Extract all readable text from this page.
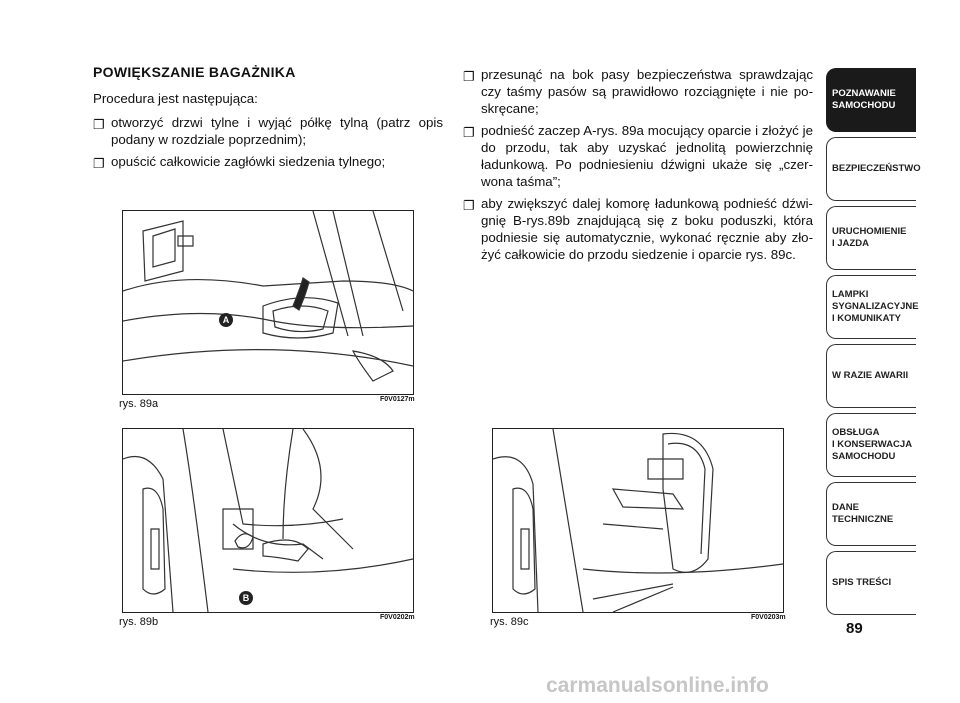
POWIĘKSZANIE BAGAŻNIKA
Procedura jest następująca:
❐ otworzyć drzwi tylne i wyjąć półkę tylną (patrz opis podany w rozdziale poprzednim);
❐ opuścić całkowicie zagłówki siedzenia tylnego;
❐ przesunąć na bok pasy bezpieczeństwa sprawdzając czy taśmy pasów są prawidłowo rozciągnięte i nie po-skręcane;
❐ podnieść zaczep A-rys. 89a mocujący oparcie i złożyć je do przodu, tak aby uzyskać jednolitą powierzchnię ładunkową. Po podniesieniu dźwigni ukaże się „czer-wona taśma”;
❐ aby zwiększyć dalej komorę ładunkową podnieść dźwi-gnię B-rys.89b znajdującą się z boku poduszki, która podniesie się automatycznie, wykonać ręcznie aby zło-żyć całkowicie do przodu siedzenie i oparcie rys. 89c.
A
rys. 89a	F0V0127m
B
rys. 89b	F0V0202m	rys. 89c	F0V0203m
POZNAWANIE
SAMOCHODU
BEZPIECZEŃSTWO
URUCHOMIENIE
I JAZDA
LAMPKI
SYGNALIZACYJNE
I KOMUNIKATY
W RAZIE AWARII
OBSŁUGA
I KONSERWACJA
SAMOCHODU
DANE
TECHNICZNE
SPIS TREŚCI
89
carmanualsonline.info
